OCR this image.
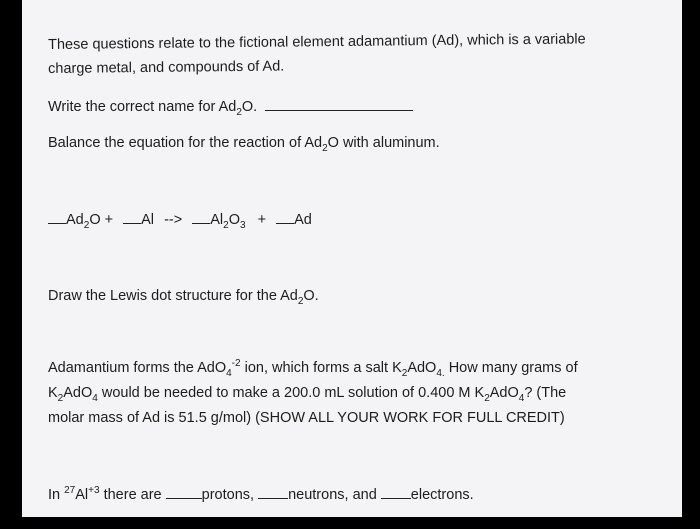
These questions relate to the fictional element adamantium (Ad), which is a variable
charge metal, and compounds of Ad.
Write the correct name for $Ad_2O$.
Balance the equation for the reaction of $Ad_2O$ with aluminum.
$Ad_2O + Al$ --> $Al_2O_3 + Ad$
Draw the Lewis dot structure for the $Ad_2O$.
Adamantium forms the AdO$_4^{-2}$ ion, which forms a salt $K_2AdO_{4.}$ How many grams of
$K_2AdO_4$ would be needed to make a 200.0 mL solution of 0.400 M $K_2AdO_4$? (The
molar mass of Ad is 51.5 g/mol) (SHOW ALL YOUR WORK FOR FULL CREDIT)
In $^{27}Al^{+3}$ there are protons, neutrons, and electrons.
